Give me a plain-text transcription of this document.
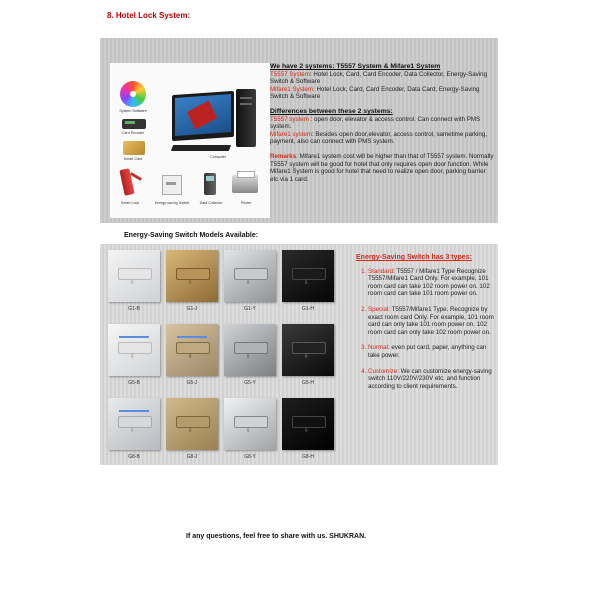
8. Hotel Lock System:
System Software
Card Encoder
Smart Card	Computer
Smart Lock	Energy-saving Switch	Data Collector	Printer

We have 2 systems: T5557 System & Mifare1 System

T5557 System: Hotel Lock, Card, Card Encoder, Data Collector, Energy-Saving Switch & Software

Mifare1 System: Hotel Lock, Card, Card Encoder, Data Card, Energy-Saving Switch & Software

Differences between these 2 systems:

T5557 system : open door, elevator & access control. Can connect with PMS system.

Mifare1 system: Besides open door,elevator, access control, sametime parking, payment, also can connect with PMS system.

Remarks: Mifare1 system cost will be higher than that of T5557 system. Normally T5557 system will be good for hotel that only requires open door function. While Mifare1 System is good for hotel that need to realize open door, parking barrier etc via 1 card.

Energy-Saving Switch Models Available:
⇩	⇩	⇩	⇩
G1-B	G1-J	G1-Y	G1-H
⇩	⇩	⇩	⇩
G5-B	G5-J	G5-Y	G5-H
⇩	⇩	⇩	⇩
G8-B	G8-J	G8-Y	G8-H
Energy-Saving Switch has 3 types:
1. Standard: T5557 / Mifare1 Type Recognize T5557/Mifare1 Card Only. For example, 101 room card can take 102 room power on. 102 room card can take 101 room power on.
2. Special: T5557/Mifare1 Type. Recognize by exact room card Only. For example, 101 room card can only take 101 room power on. 102 room card can only take 102 room power on.
3. Normal: even put card, paper, anything can take power.
4. Customize: We can customize energy-saving switch 110V/220V/230V etc. and function according to client requirements.
If any questions, feel free to share with us. SHUKRAN.
